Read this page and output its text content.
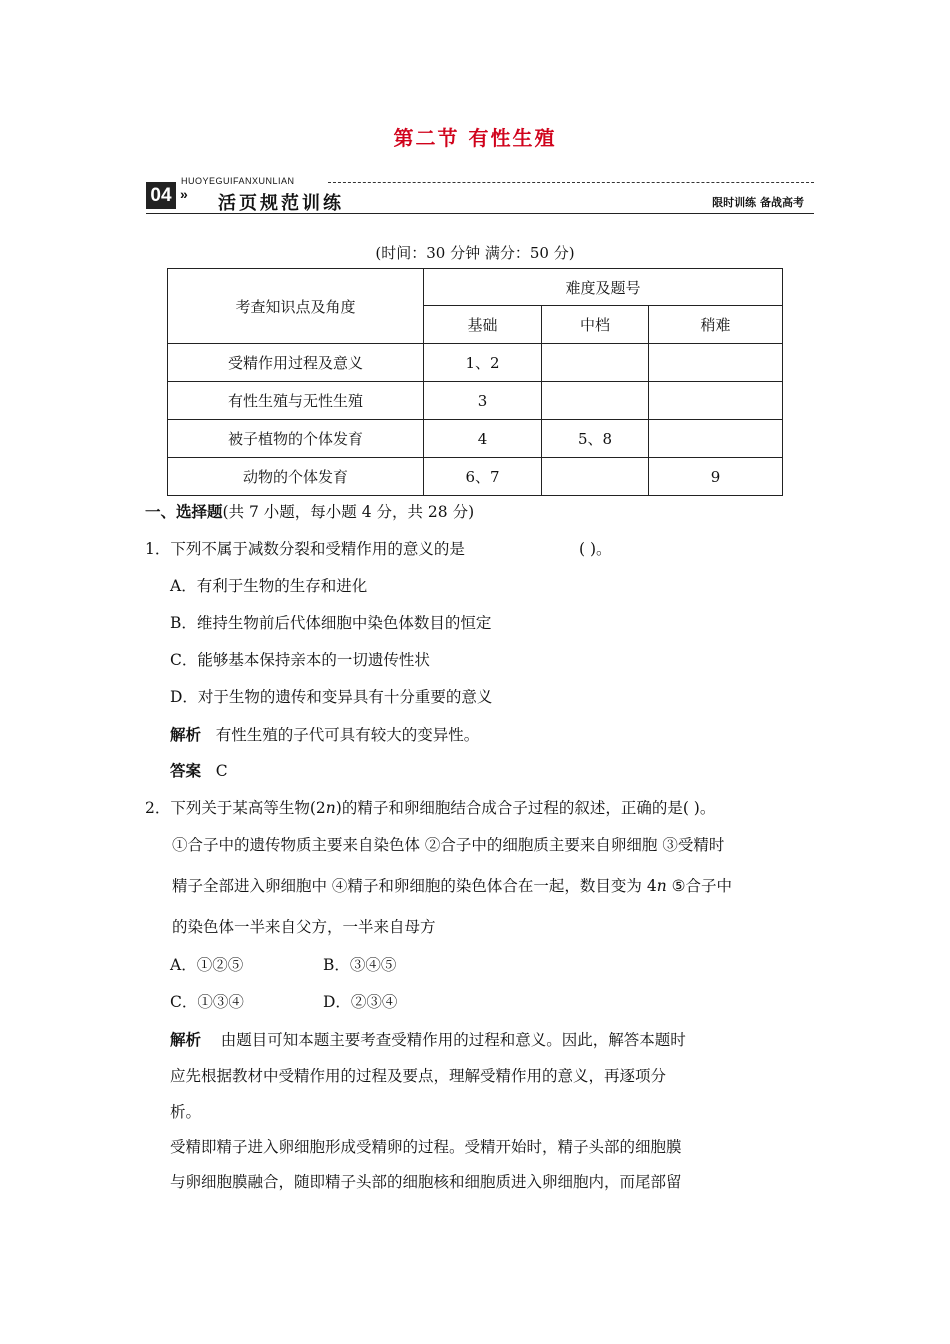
第二节 有性生殖
04 »
HUOYEGUIFANXUNLIAN
活页规范训练	限时训练 备战高考
(时间：30 分钟 满分：50 分)
考查知识点及角度	难度及题号		
	基础	中档	稍难
受精作用过程及意义	1、2		
有性生殖与无性生殖	3		
被子植物的个体发育	4	5、8	
动物的个体发育	6、7		9
一、选择题(共 7 小题，每小题 4 分，共 28 分)
1．下列不属于减数分裂和受精作用的意义的是	( )。
A．有利于生物的生存和进化
B．维持生物前后代体细胞中染色体数目的恒定
C．能够基本保持亲本的一切遗传性状
D．对于生物的遗传和变异具有十分重要的意义
解析 有性生殖的子代可具有较大的变异性。
答案 C
2．下列关于某高等生物(2n)的精子和卵细胞结合成合子过程的叙述，正确的是( )。
①合子中的遗传物质主要来自染色体 ②合子中的细胞质主要来自卵细胞 ③受精时
精子全部进入卵细胞中 ④精子和卵细胞的染色体合在一起，数目变为 4n ⑤合子中
的染色体一半来自父方，一半来自母方
A．①②⑤	B．③④⑤
C．①③④	D．②③④
解析 由题目可知本题主要考查受精作用的过程和意义。因此，解答本题时
应先根据教材中受精作用的过程及要点，理解受精作用的意义，再逐项分
析。
受精即精子进入卵细胞形成受精卵的过程。受精开始时，精子头部的细胞膜
与卵细胞膜融合，随即精子头部的细胞核和细胞质进入卵细胞内，而尾部留
